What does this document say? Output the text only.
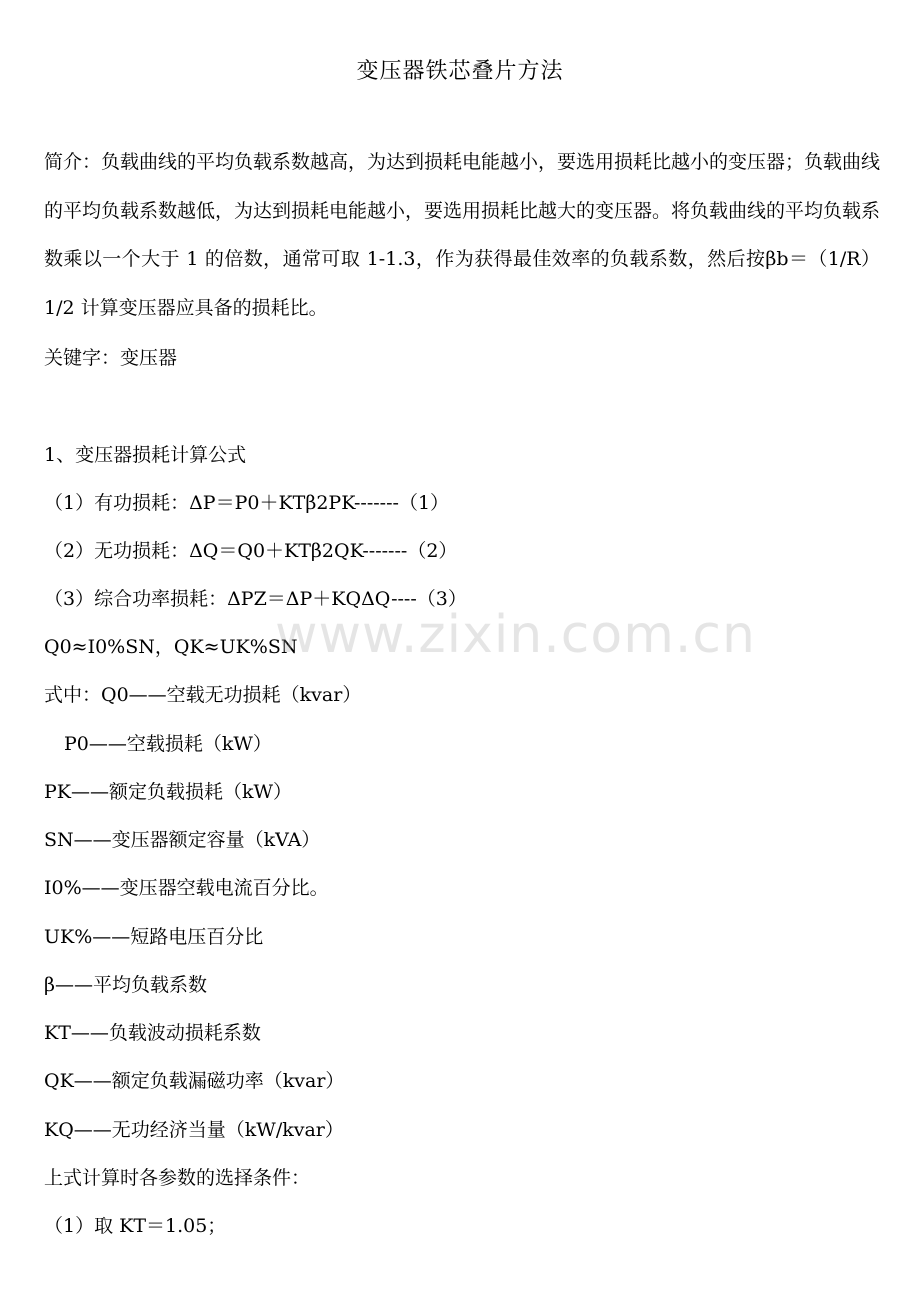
变压器铁芯叠片方法
简介：负载曲线的平均负载系数越高，为达到损耗电能越小，要选用损耗比越小的变压器；负载曲线的平均负载系数越低，为达到损耗电能越小，要选用损耗比越大的变压器。将负载曲线的平均负载系数乘以一个大于 1 的倍数，通常可取 1-1.3，作为获得最佳效率的负载系数，然后按βb＝（1/R）1/2 计算变压器应具备的损耗比。
关键字：变压器
1、变压器损耗计算公式
（1）有功损耗：ΔP＝P0＋KTβ2PK-------（1）
（2）无功损耗：ΔQ＝Q0＋KTβ2QK-------（2）
（3）综合功率损耗：ΔPZ＝ΔP＋KQΔQ----（3）
Q0≈I0%SN，QK≈UK%SN
式中：Q0——空载无功损耗（kvar）
P0——空载损耗（kW）
PK——额定负载损耗（kW）
SN——变压器额定容量（kVA）
I0%——变压器空载电流百分比。
UK%——短路电压百分比
β——平均负载系数
KT——负载波动损耗系数
QK——额定负载漏磁功率（kvar）
KQ——无功经济当量（kW/kvar）
上式计算时各参数的选择条件：
（1）取 KT＝1.05；
www.zixin.com.cn
